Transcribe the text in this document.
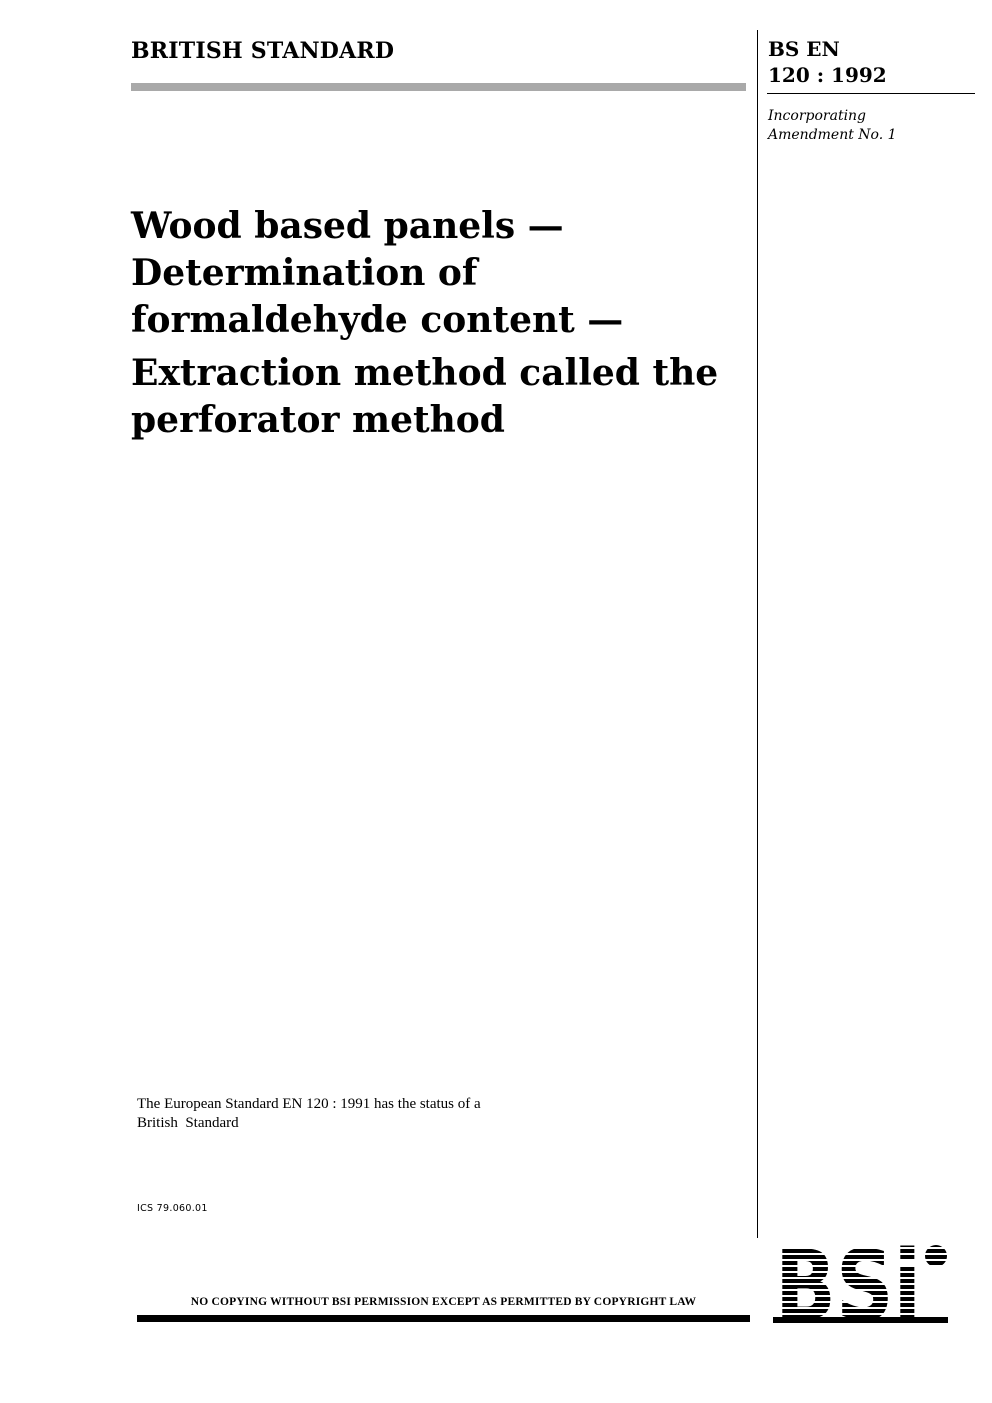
BRITISH STANDARD	BS EN
120 : 1992
Incorporating
Amendment No. 1
Wood based panels —
Determination of
formaldehyde content —
Extraction method called the
perforator method
The European Standard EN 120 : 1991 has the status of a
British  Standard
ICS 79.060.01
NO COPYING WITHOUT BSI PERMISSION EXCEPT AS PERMITTED BY COPYRIGHT LAW
